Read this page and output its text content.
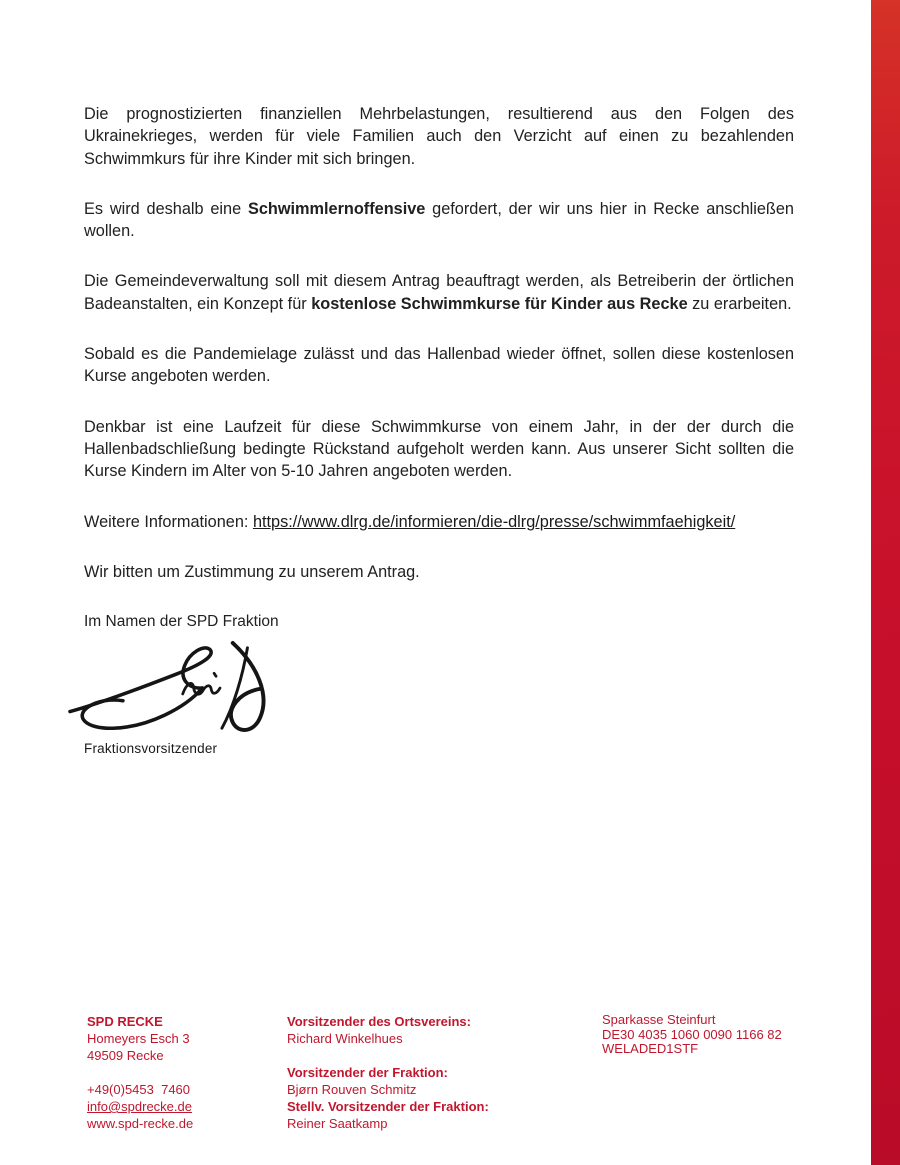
Die prognostizierten finanziellen Mehrbelastungen, resultierend aus den Folgen des Ukrainekrieges, werden für viele Familien auch den Verzicht auf einen zu bezahlenden Schwimmkurs für ihre Kinder mit sich bringen.

Es wird deshalb eine Schwimmlernoffensive gefordert, der wir uns hier in Recke anschließen wollen.

Die Gemeindeverwaltung soll mit diesem Antrag beauftragt werden, als Betreiberin der örtlichen Badeanstalten, ein Konzept für kostenlose Schwimmkurse für Kinder aus Recke zu erarbeiten.

Sobald es die Pandemielage zulässt und das Hallenbad wieder öffnet, sollen diese kostenlosen Kurse angeboten werden.

Denkbar ist eine Laufzeit für diese Schwimmkurse von einem Jahr, in der der durch die Hallenbadschließung bedingte Rückstand aufgeholt werden kann. Aus unserer Sicht sollten die Kurse Kindern im Alter von 5-10 Jahren angeboten werden.

Weitere Informationen: https://www.dlrg.de/informieren/die-dlrg/presse/schwimmfaehigkeit/

Wir bitten um Zustimmung zu unserem Antrag.

Im Namen der SPD Fraktion

Fraktionsvorsitzender
SPD RECKE
Homeyers Esch 3
49509 Recke
+49(0)5453  7460
info@spdrecke.de
www.spd-recke.de
Vorsitzender des Ortsvereins:
Richard Winkelhues
Vorsitzender der Fraktion:
Bjørn Rouven Schmitz
Stellv. Vorsitzender der Fraktion:
Reiner Saatkamp
Sparkasse Steinfurt
DE30 4035 1060 0090 1166 82
WELADED1STF
